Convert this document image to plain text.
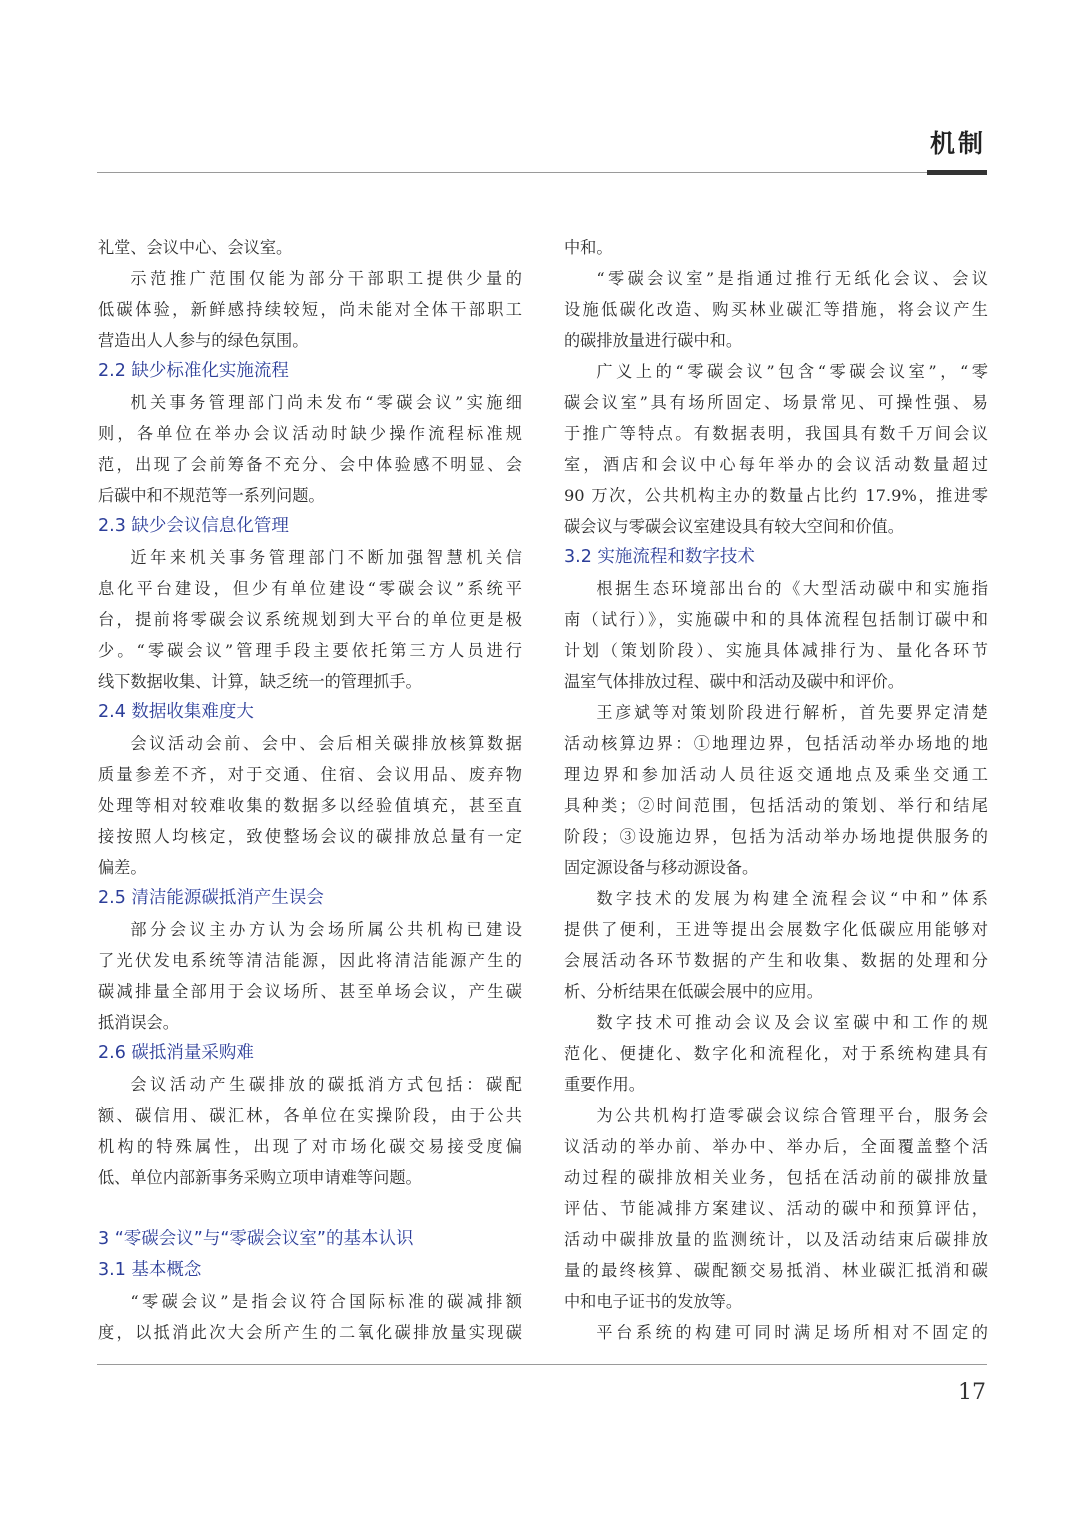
机制
礼堂、会议中心、会议室。
示范推广范围仅能为部分干部职工提供少量的
低碳体验，新鲜感持续较短，尚未能对全体干部职工
营造出人人参与的绿色氛围。
2.2 缺少标准化实施流程
机关事务管理部门尚未发布“零碳会议”实施细
则，各单位在举办会议活动时缺少操作流程标准规
范，出现了会前筹备不充分、会中体验感不明显、会
后碳中和不规范等一系列问题。
2.3 缺少会议信息化管理
近年来机关事务管理部门不断加强智慧机关信
息化平台建设，但少有单位建设“零碳会议”系统平
台，提前将零碳会议系统规划到大平台的单位更是极
少。“零碳会议”管理手段主要依托第三方人员进行
线下数据收集、计算，缺乏统一的管理抓手。
2.4 数据收集难度大
会议活动会前、会中、会后相关碳排放核算数据
质量参差不齐，对于交通、住宿、会议用品、废弃物
处理等相对较难收集的数据多以经验值填充，甚至直
接按照人均核定，致使整场会议的碳排放总量有一定
偏差。
2.5 清洁能源碳抵消产生误会
部分会议主办方认为会场所属公共机构已建设
了光伏发电系统等清洁能源，因此将清洁能源产生的
碳减排量全部用于会议场所、甚至单场会议，产生碳
抵消误会。
2.6 碳抵消量采购难
会议活动产生碳排放的碳抵消方式包括：碳配
额、碳信用、碳汇林，各单位在实操阶段，由于公共
机构的特殊属性，出现了对市场化碳交易接受度偏
低、单位内部新事务采购立项申请难等问题。
3 “零碳会议”与“零碳会议室”的基本认识
3.1 基本概念
“零碳会议”是指会议符合国际标准的碳减排额
度，以抵消此次大会所产生的二氧化碳排放量实现碳
中和。
“零碳会议室”是指通过推行无纸化会议、会议
设施低碳化改造、购买林业碳汇等措施，将会议产生
的碳排放量进行碳中和。
广义上的“零碳会议”包含“零碳会议室”，“零
碳会议室”具有场所固定、场景常见、可操性强、易
于推广等特点。有数据表明，我国具有数千万间会议
室，酒店和会议中心每年举办的会议活动数量超过
90 万次，公共机构主办的数量占比约 17.9%，推进零
碳会议与零碳会议室建设具有较大空间和价值。
3.2 实施流程和数字技术
根据生态环境部出台的《大型活动碳中和实施指
南（试行）》，实施碳中和的具体流程包括制订碳中和
计划（策划阶段）、实施具体减排行为、量化各环节
温室气体排放过程、碳中和活动及碳中和评价。
王彦斌等对策划阶段进行解析，首先要界定清楚
活动核算边界：①地理边界，包括活动举办场地的地
理边界和参加活动人员往返交通地点及乘坐交通工
具种类；②时间范围，包括活动的策划、举行和结尾
阶段；③设施边界，包括为活动举办场地提供服务的
固定源设备与移动源设备。
数字技术的发展为构建全流程会议“中和”体系
提供了便利，王进等提出会展数字化低碳应用能够对
会展活动各环节数据的产生和收集、数据的处理和分
析、分析结果在低碳会展中的应用。
数字技术可推动会议及会议室碳中和工作的规
范化、便捷化、数字化和流程化，对于系统构建具有
重要作用。
为公共机构打造零碳会议综合管理平台，服务会
议活动的举办前、举办中、举办后，全面覆盖整个活
动过程的碳排放相关业务，包括在活动前的碳排放量
评估、节能减排方案建议、活动的碳中和预算评估，
活动中碳排放量的监测统计，以及活动结束后碳排放
量的最终核算、碳配额交易抵消、林业碳汇抵消和碳
中和电子证书的发放等。
平台系统的构建可同时满足场所相对不固定的
17
